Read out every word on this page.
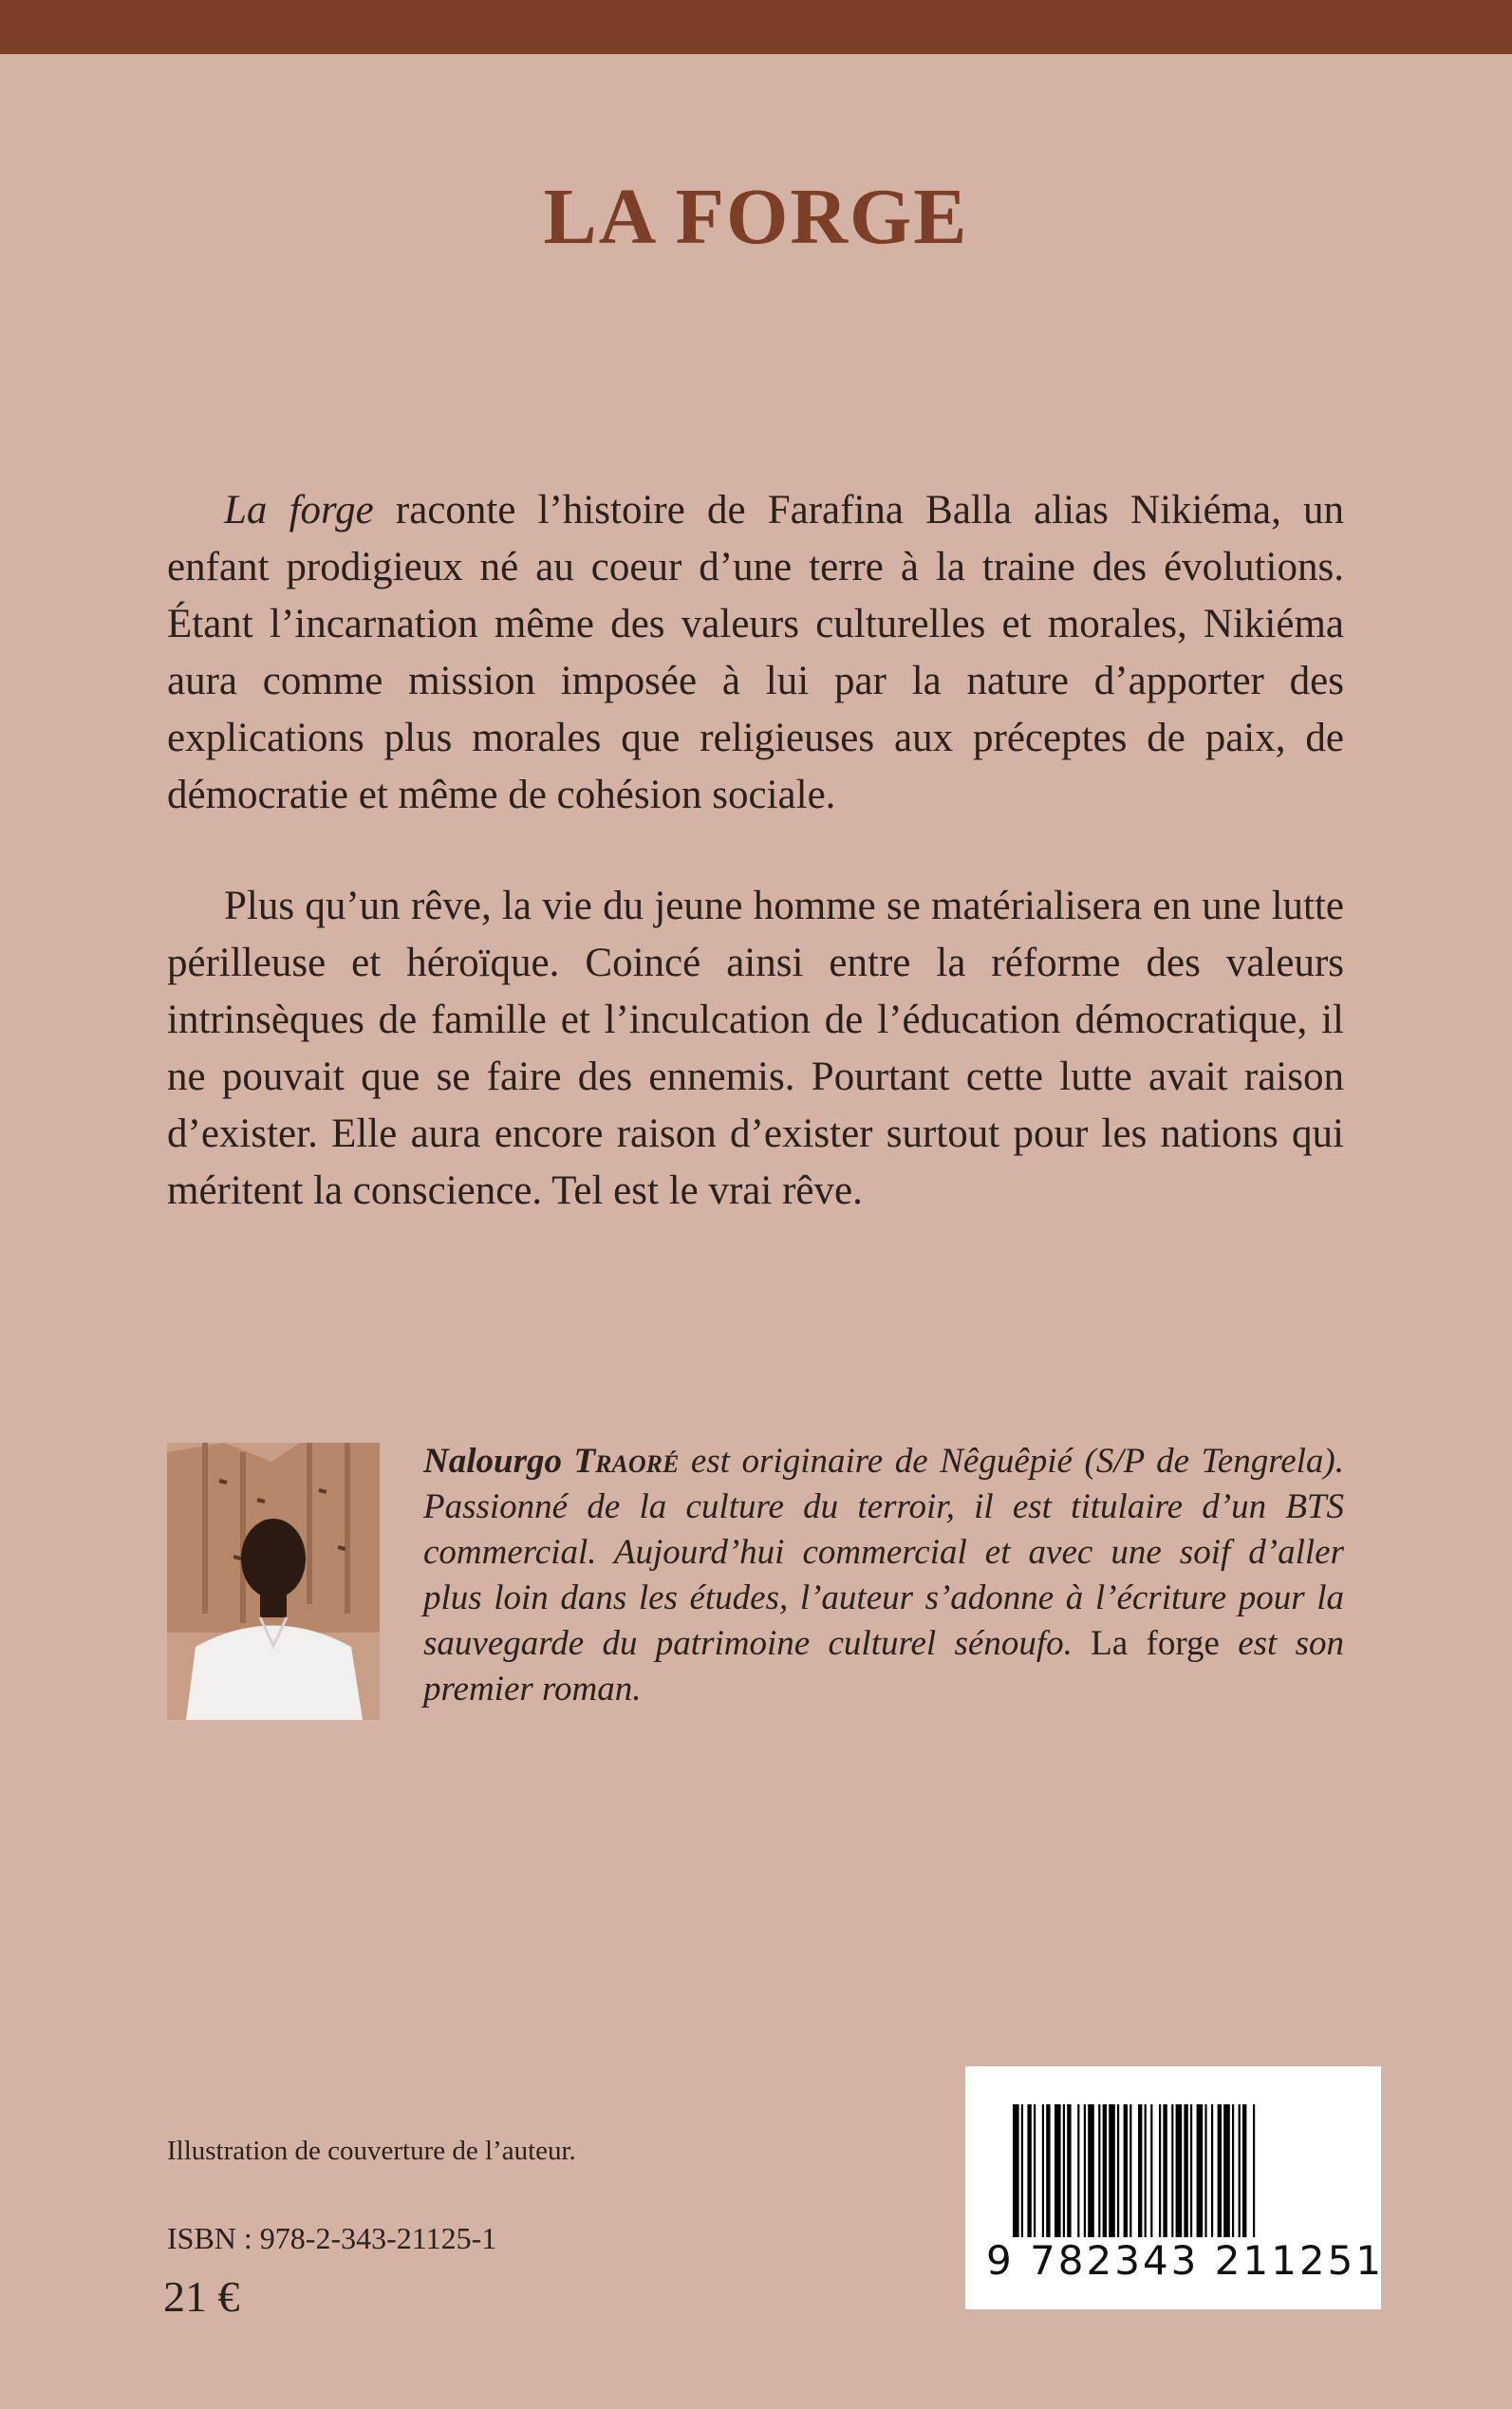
LA FORGE

La forge raconte l’histoire de Farafina Balla alias Nikiéma, un enfant prodigieux né au coeur d’une terre à la traine des évolutions. Étant l’incarnation même des valeurs culturelles et morales, Nikiéma aura comme mission imposée à lui par la nature d’apporter des explications plus morales que religieuses aux préceptes de paix, de démocratie et même de cohésion sociale.

Plus qu’un rêve, la vie du jeune homme se matérialisera en une lutte périlleuse et héroïque. Coincé ainsi entre la réforme des valeurs intrinsèques de famille et l’inculcation de l’éducation démocratique, il ne pouvait que se faire des ennemis. Pourtant cette lutte avait raison d’exister. Elle aura encore raison d’exister surtout pour les nations qui méritent la conscience. Tel est le vrai rêve.

Nalourgo Traoré est originaire de Nêguêpié (S/P de Tengrela). Passionné de la culture du terroir, il est titulaire d’un BTS commercial. Aujourd’hui commercial et avec une soif d’aller plus loin dans les études, l’auteur s’adonne à l’écriture pour la sauvegarde du patrimoine culturel sénoufo. La forge est son premier roman.

Illustration de couverture de l’auteur.

ISBN : 978-2-343-21125-1

21 €

9 782343 211251
